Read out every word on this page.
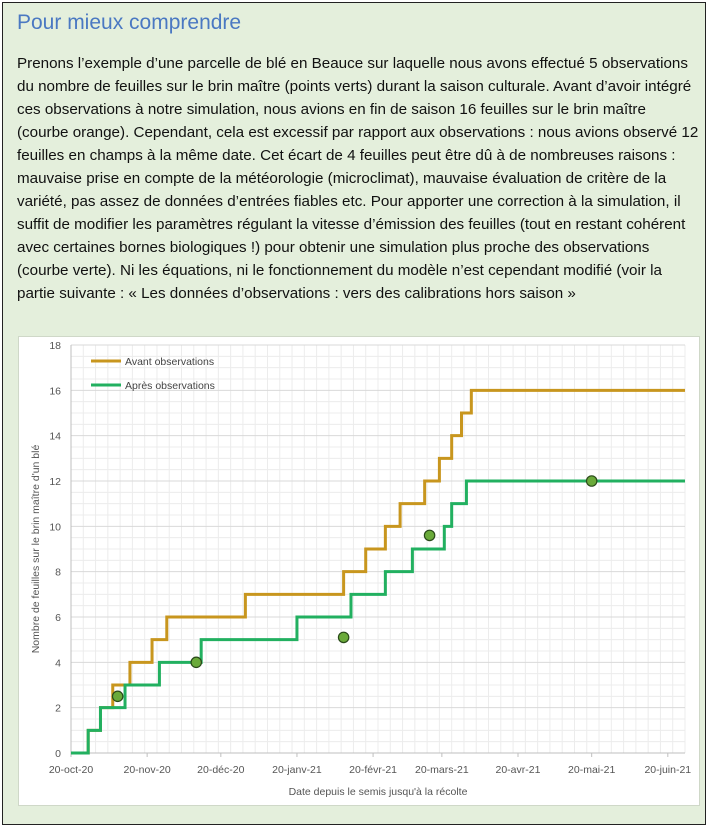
Pour mieux comprendre
Prenons l’exemple d’une parcelle de blé en Beauce sur laquelle nous avons effectué 5 observations du nombre de feuilles sur le brin maître (points verts) durant la saison culturale. Avant d’avoir intégré ces observations à notre simulation, nous avions en fin de saison 16 feuilles sur le brin maître (courbe orange). Cependant, cela est excessif par rapport aux observations : nous avions observé 12 feuilles en champs à la même date. Cet écart de 4 feuilles peut être dû à de nombreuses raisons : mauvaise prise en compte de la météorologie (microclimat), mauvaise évaluation de critère de la variété, pas assez de données d’entrées fiables etc. Pour apporter une correction à la simulation, il suffit de modifier les paramètres régulant la vitesse d’émission des feuilles (tout en restant cohérent avec certaines bornes biologiques !) pour obtenir une simulation plus proche des observations (courbe verte). Ni les équations, ni le fonctionnement du modèle n’est cependant modifié (voir la partie suivante : « Les données d’observations : vers des calibrations hors saison »
0
2
4
6
8
10
12
14
16
18
20-oct-20	20-nov-20	20-déc-20	20-janv-21	20-févr-21 20-mars-21	20-avr-21	20-mai-21	20-juin-21
Date depuis le semis jusqu'à la récolte
Nombre de feuilles sur le brin maître d'un blé
Avant observations
Après observations
